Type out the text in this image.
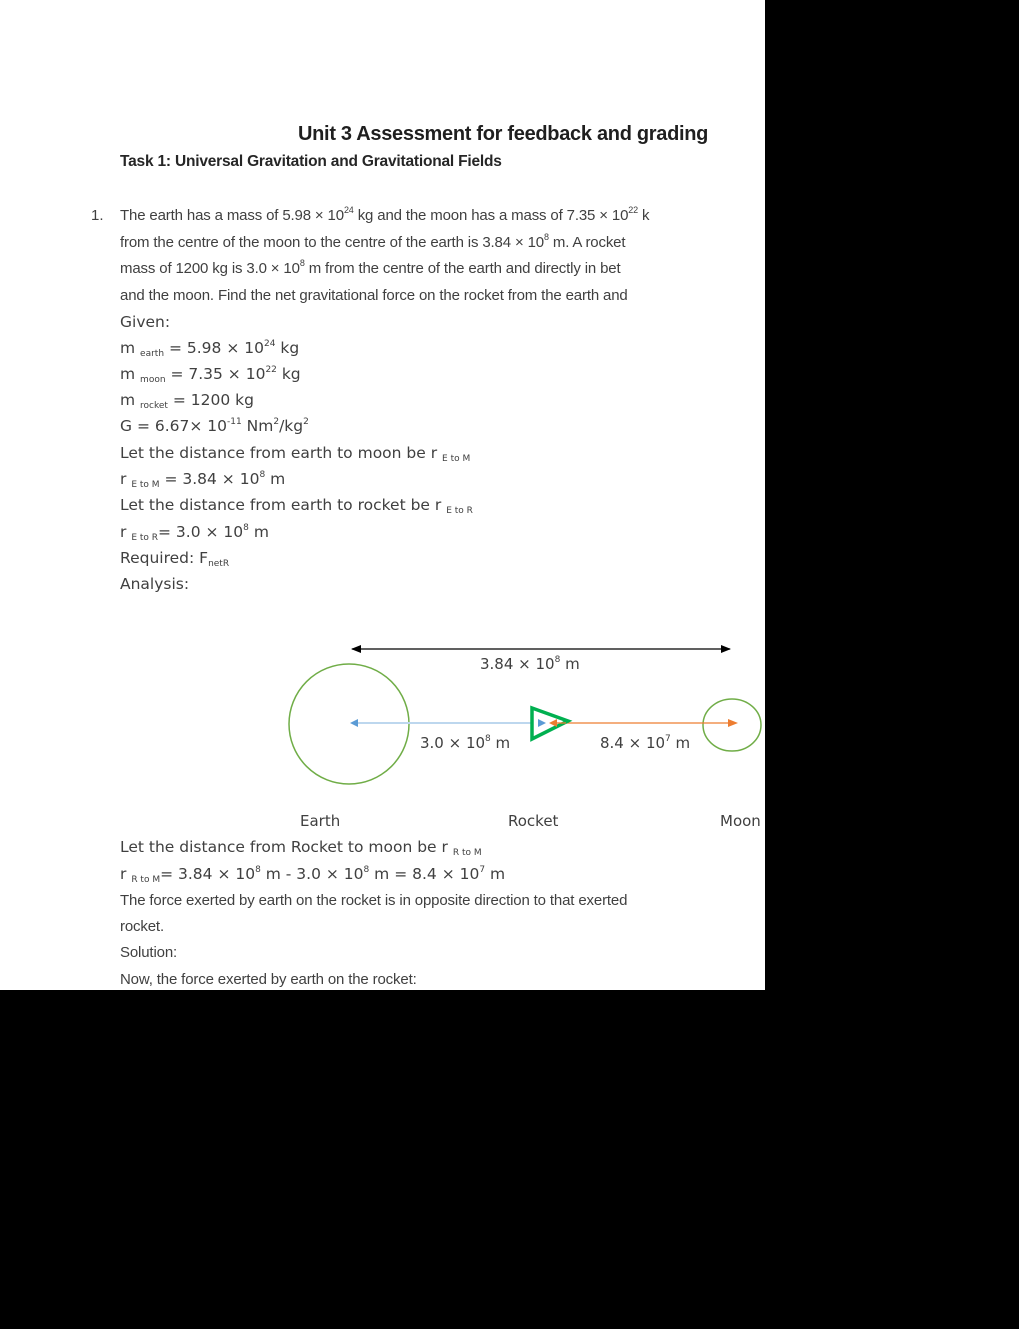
Unit 3 Assessment for feedback and grading
Task 1: Universal Gravitation and Gravitational Fields
1. The earth has a mass of $5.98 \times 10^{24}$ kg and the moon has a mass of $7.35 \times 10^{22}$ k
from the centre of the moon to the centre of the earth is $3.84 \times 10^8$ m. A rocket
mass of 1200 kg is $3.0 \times 10^8$ m from the centre of the earth and directly in bet
and the moon. Find the net gravitational force on the rocket from the earth and
Given:
m $_{earth} = 5.98 \times 10^{24}$ kg
m $_{moon} = 7.35 \times 10^{22}$ kg
m $_{rocket}$ = 1200 kg
$G = 6.67\times 10^{-11}$ $Nm^2/kg^2$
Let the distance from earth to moon be r $_{E to M}$
r $_{E to M} = 3.84 \times 10^8$ m
Let the distance from earth to rocket be r $_{E to R}$
r $_{E to R}= 3.0 \times 10^8$ m
Required: $F_{netR}$
Analysis:
$3.84 \times 10^8$ m
$3.0 \times 10^8$ m	$8.4 \times 10^7$ m
Earth	Rocket	Moon
Let the distance from Rocket to moon be r $_{R to M}$
r $_{R to M}= 3.84 \times 10^8$ $m - 3.0 \times 10^8$ $m = 8.4 \times 10^7$ m
The force exerted by earth on the rocket is in opposite direction to that exerted
rocket.
Solution:
Now, the force exerted by earth on the rocket:
